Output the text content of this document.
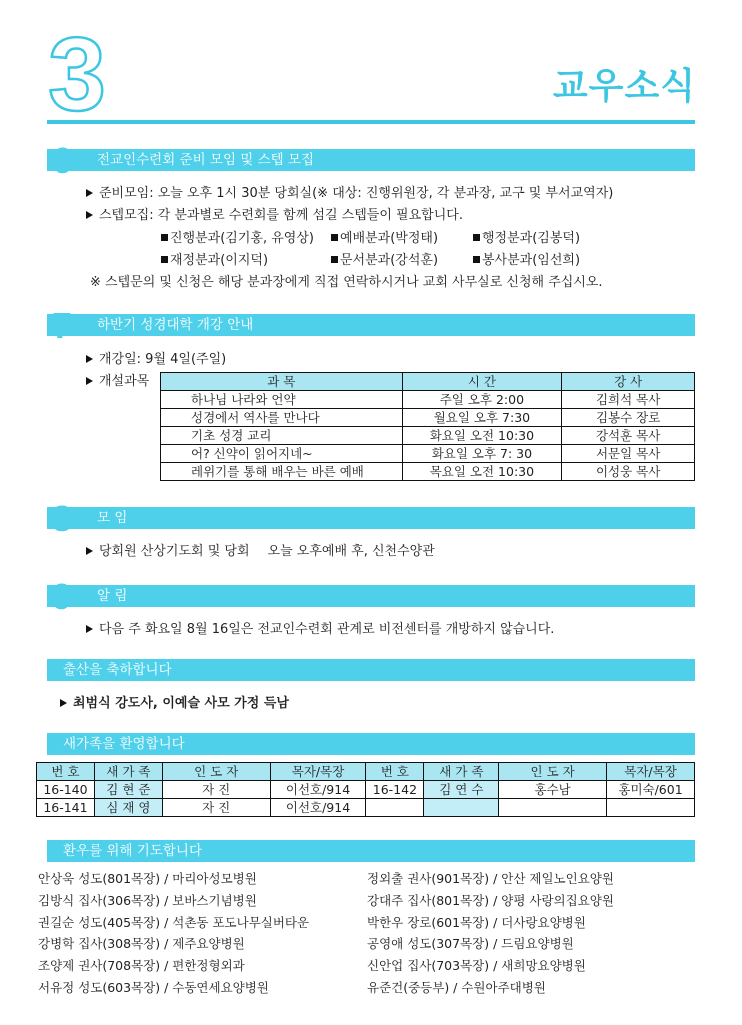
3	교우소식
전교인수련회 준비 모임 및 스텝 모집
준비모임: 오늘 오후 1시 30분 당회실(※ 대상: 진행위원장, 각 분과장, 교구 및 부서교역자)
스텝모집: 각 분과별로 수련회를 함께 섬길 스텝들이 필요합니다.
진행분과(김기홍, 유영상)	예배분과(박정태)	행정분과(김봉덕)
재정분과(이지덕)	문서분과(강석훈)	봉사분과(임선희)
※ 스텝문의 및 신청은 해당 분과장에게 직접 연락하시거나 교회 사무실로 신청해 주십시오.
하반기 성경대학 개강 안내
개강일: 9월 4일(주일)
개설과목	과 목	시 간	강 사
하나님 나라와 언약	주일 오후 2:00	김희석 목사
성경에서 역사를 만나다	월요일 오후 7:30	김봉수 장로
기초 성경 교리	화요일 오전 10:30	강석훈 목사
어? 신약이 읽어지네~	화요일 오후 7: 30	서문일 목사
레위기를 통해 배우는 바른 예배	목요일 오전 10:30	이성웅 목사
모 임
당회원 산상기도회 및 당회 오늘 오후예배 후, 신천수양관
알 림
다음 주 화요일 8월 16일은 전교인수련회 관계로 비전센터를 개방하지 않습니다.
출산을 축하합니다
최범식 강도사, 이예슬 사모 가정 득남
새가족을 환영합니다
번 호	새 가 족	인 도 자	목자/목장	번 호	새 가 족	인 도 자	목자/목장
16-140	김 현 준	자 진	이선호/914	16-142	김 연 수	홍수남	홍미숙/601
16-141	심 재 영	자 진	이선호/914				
환우를 위해 기도합니다
안상욱 성도(801목장) / 마리아성모병원
김방식 집사(306목장) / 보바스기념병원
권길순 성도(405목장) / 석촌동 포도나무실버타운
강병학 집사(308목장) / 제주요양병원
조양제 권사(708목장) / 편한정형외과
서유정 성도(603목장) / 수동연세요양병원
정외출 권사(901목장) / 안산 제일노인요양원
강대주 집사(801목장) / 양평 사랑의집요양원
박한우 장로(601목장) / 더사랑요양병원
공영애 성도(307목장) / 드림요양병원
신안업 집사(703목장) / 새희망요양병원
유준건(중등부) / 수원아주대병원
